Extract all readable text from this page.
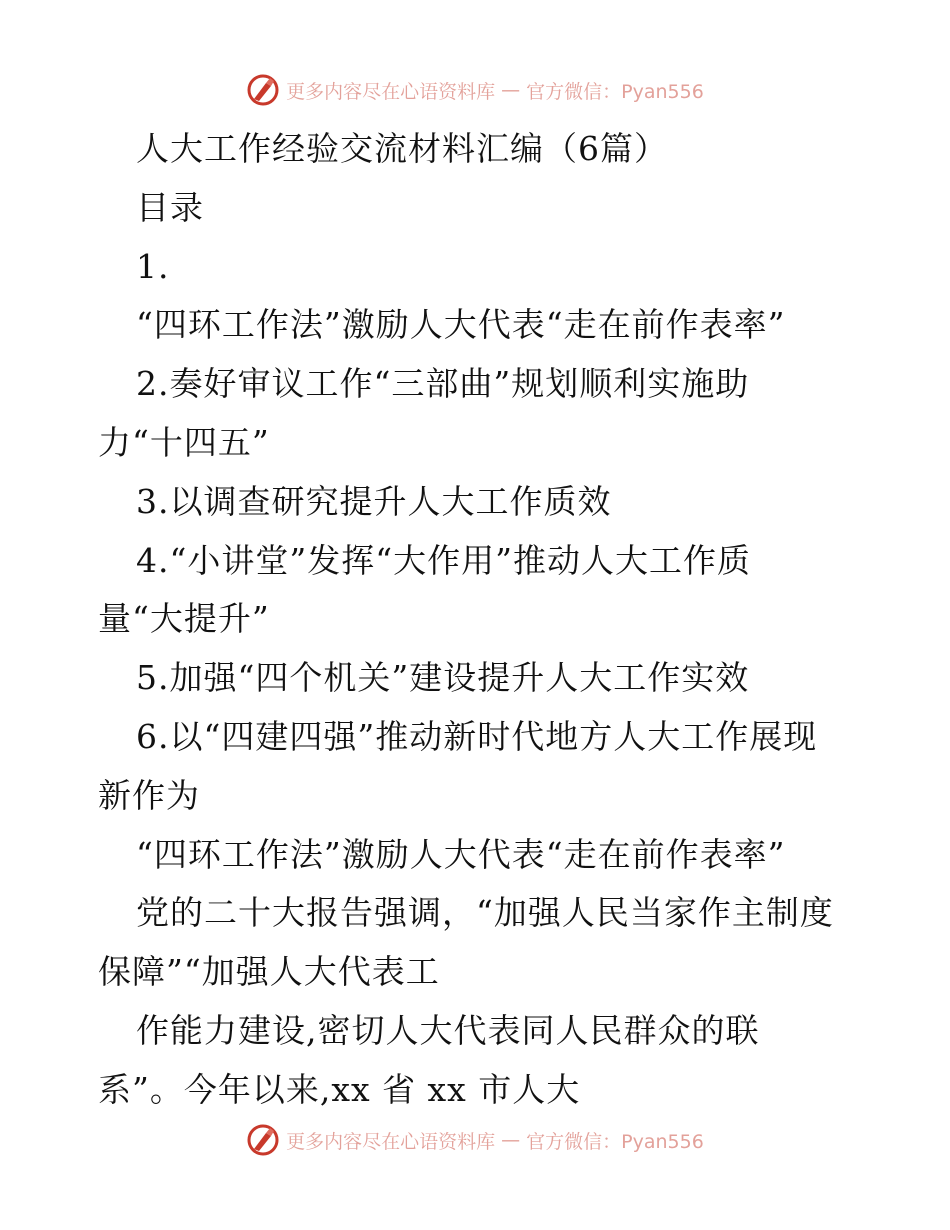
更多内容尽在心语资料库 — 官方微信：Pyan556
人大工作经验交流材料汇编（6篇）
目录
1.
“四环工作法”激励人大代表“走在前作表率”
2.奏好审议工作“三部曲”规划顺利实施助
力“十四五”
3.以调查研究提升人大工作质效
4.“小讲堂”发挥“大作用”推动人大工作质
量“大提升”
5.加强“四个机关”建设提升人大工作实效
6.以“四建四强”推动新时代地方人大工作展现
新作为
“四环工作法”激励人大代表“走在前作表率”
党的二十大报告强调，“加强人民当家作主制度
保障”“加强人大代表工
作能力建设,密切人大代表同人民群众的联
系”。今年以来,xx 省 xx 市人大
更多内容尽在心语资料库 — 官方微信：Pyan556
